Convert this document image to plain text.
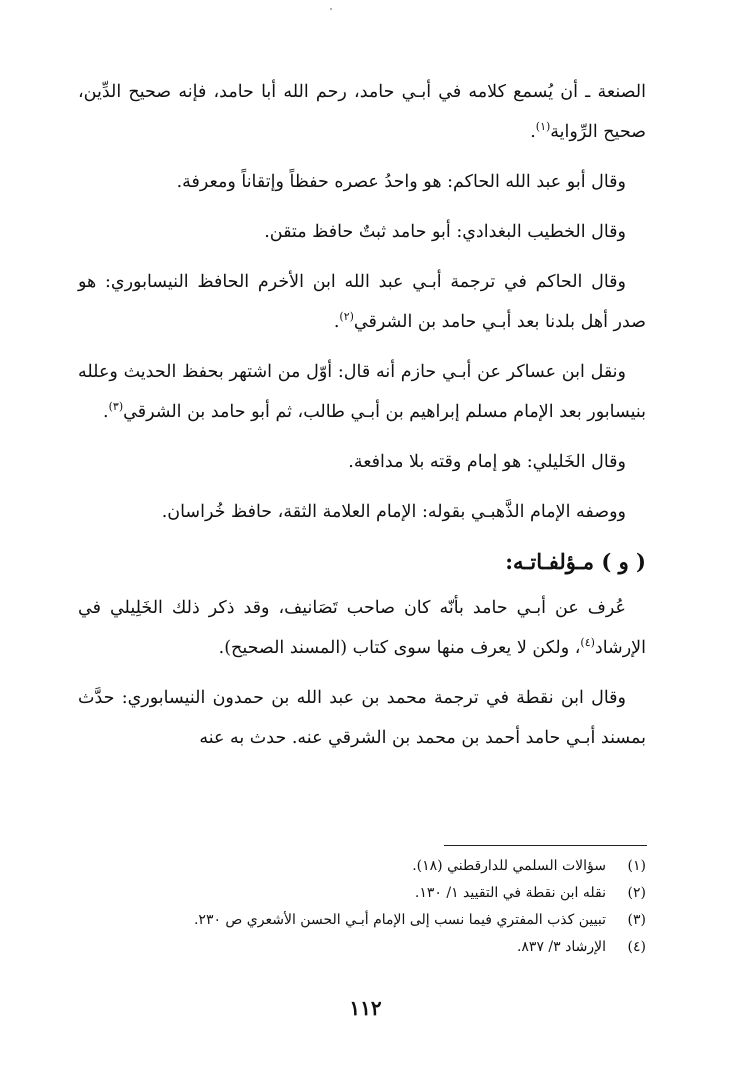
الصنعة ـ أن يُسمع كلامه في أبـي حامد، رحم الله أبا حامد، فإنه صحيح الدِّين، صحيح الرِّواية$^{(١)}$.

وقال أبو عبد الله الحاكم: هو واحدُ عصره حفظاً وإتقاناً ومعرفة.

وقال الخطيب البغدادي: أبو حامد ثبتٌ حافظ متقن.

وقال الحاكم في ترجمة أبـي عبد الله ابن الأخرم الحافظ النيسابوري: هو صدر أهل بلدنا بعد أبـي حامد بن الشرقي$^{(٢)}$.

ونقل ابن عساكر عن أبـي حازم أنه قال: أوّل من اشتهر بحفظ الحديث وعلله بنيسابور بعد الإمام مسلم إبراهيم بن أبـي طالب، ثم أبو حامد بن الشرقي$^{(٣)}$.

وقال الخَليلي: هو إمام وقته بلا مدافعة.

ووصفه الإمام الذَّهبـي بقوله: الإمام العلامة الثقة، حافظ خُراسان.

( و ) مـؤلفـاتـه:

عُرف عن أبـي حامد بأنّه كان صاحب تَصَانيف، وقد ذكر ذلك الخَلِيلي في الإرشاد$^{(٤)}$، ولكن لا يعرف منها سوى كتاب (المسند الصحيح).

وقال ابن نقطة في ترجمة محمد بن عبد الله بن حمدون النيسابوري: حدَّث بمسند أبـي حامد أحمد بن محمد بن الشرقي عنه. حدث به عنه

(١)سؤالات السلمي للدارقطني (١٨).
(٢)نقله ابن نقطة في التقييد ١/ ١٣٠.
(٣)تبيين كذب المفتري فيما نسب إلى الإمام أبـي الحسن الأشعري ص ٢٣٠.
(٤)الإرشاد ٣/ ٨٣٧.
١١٢
